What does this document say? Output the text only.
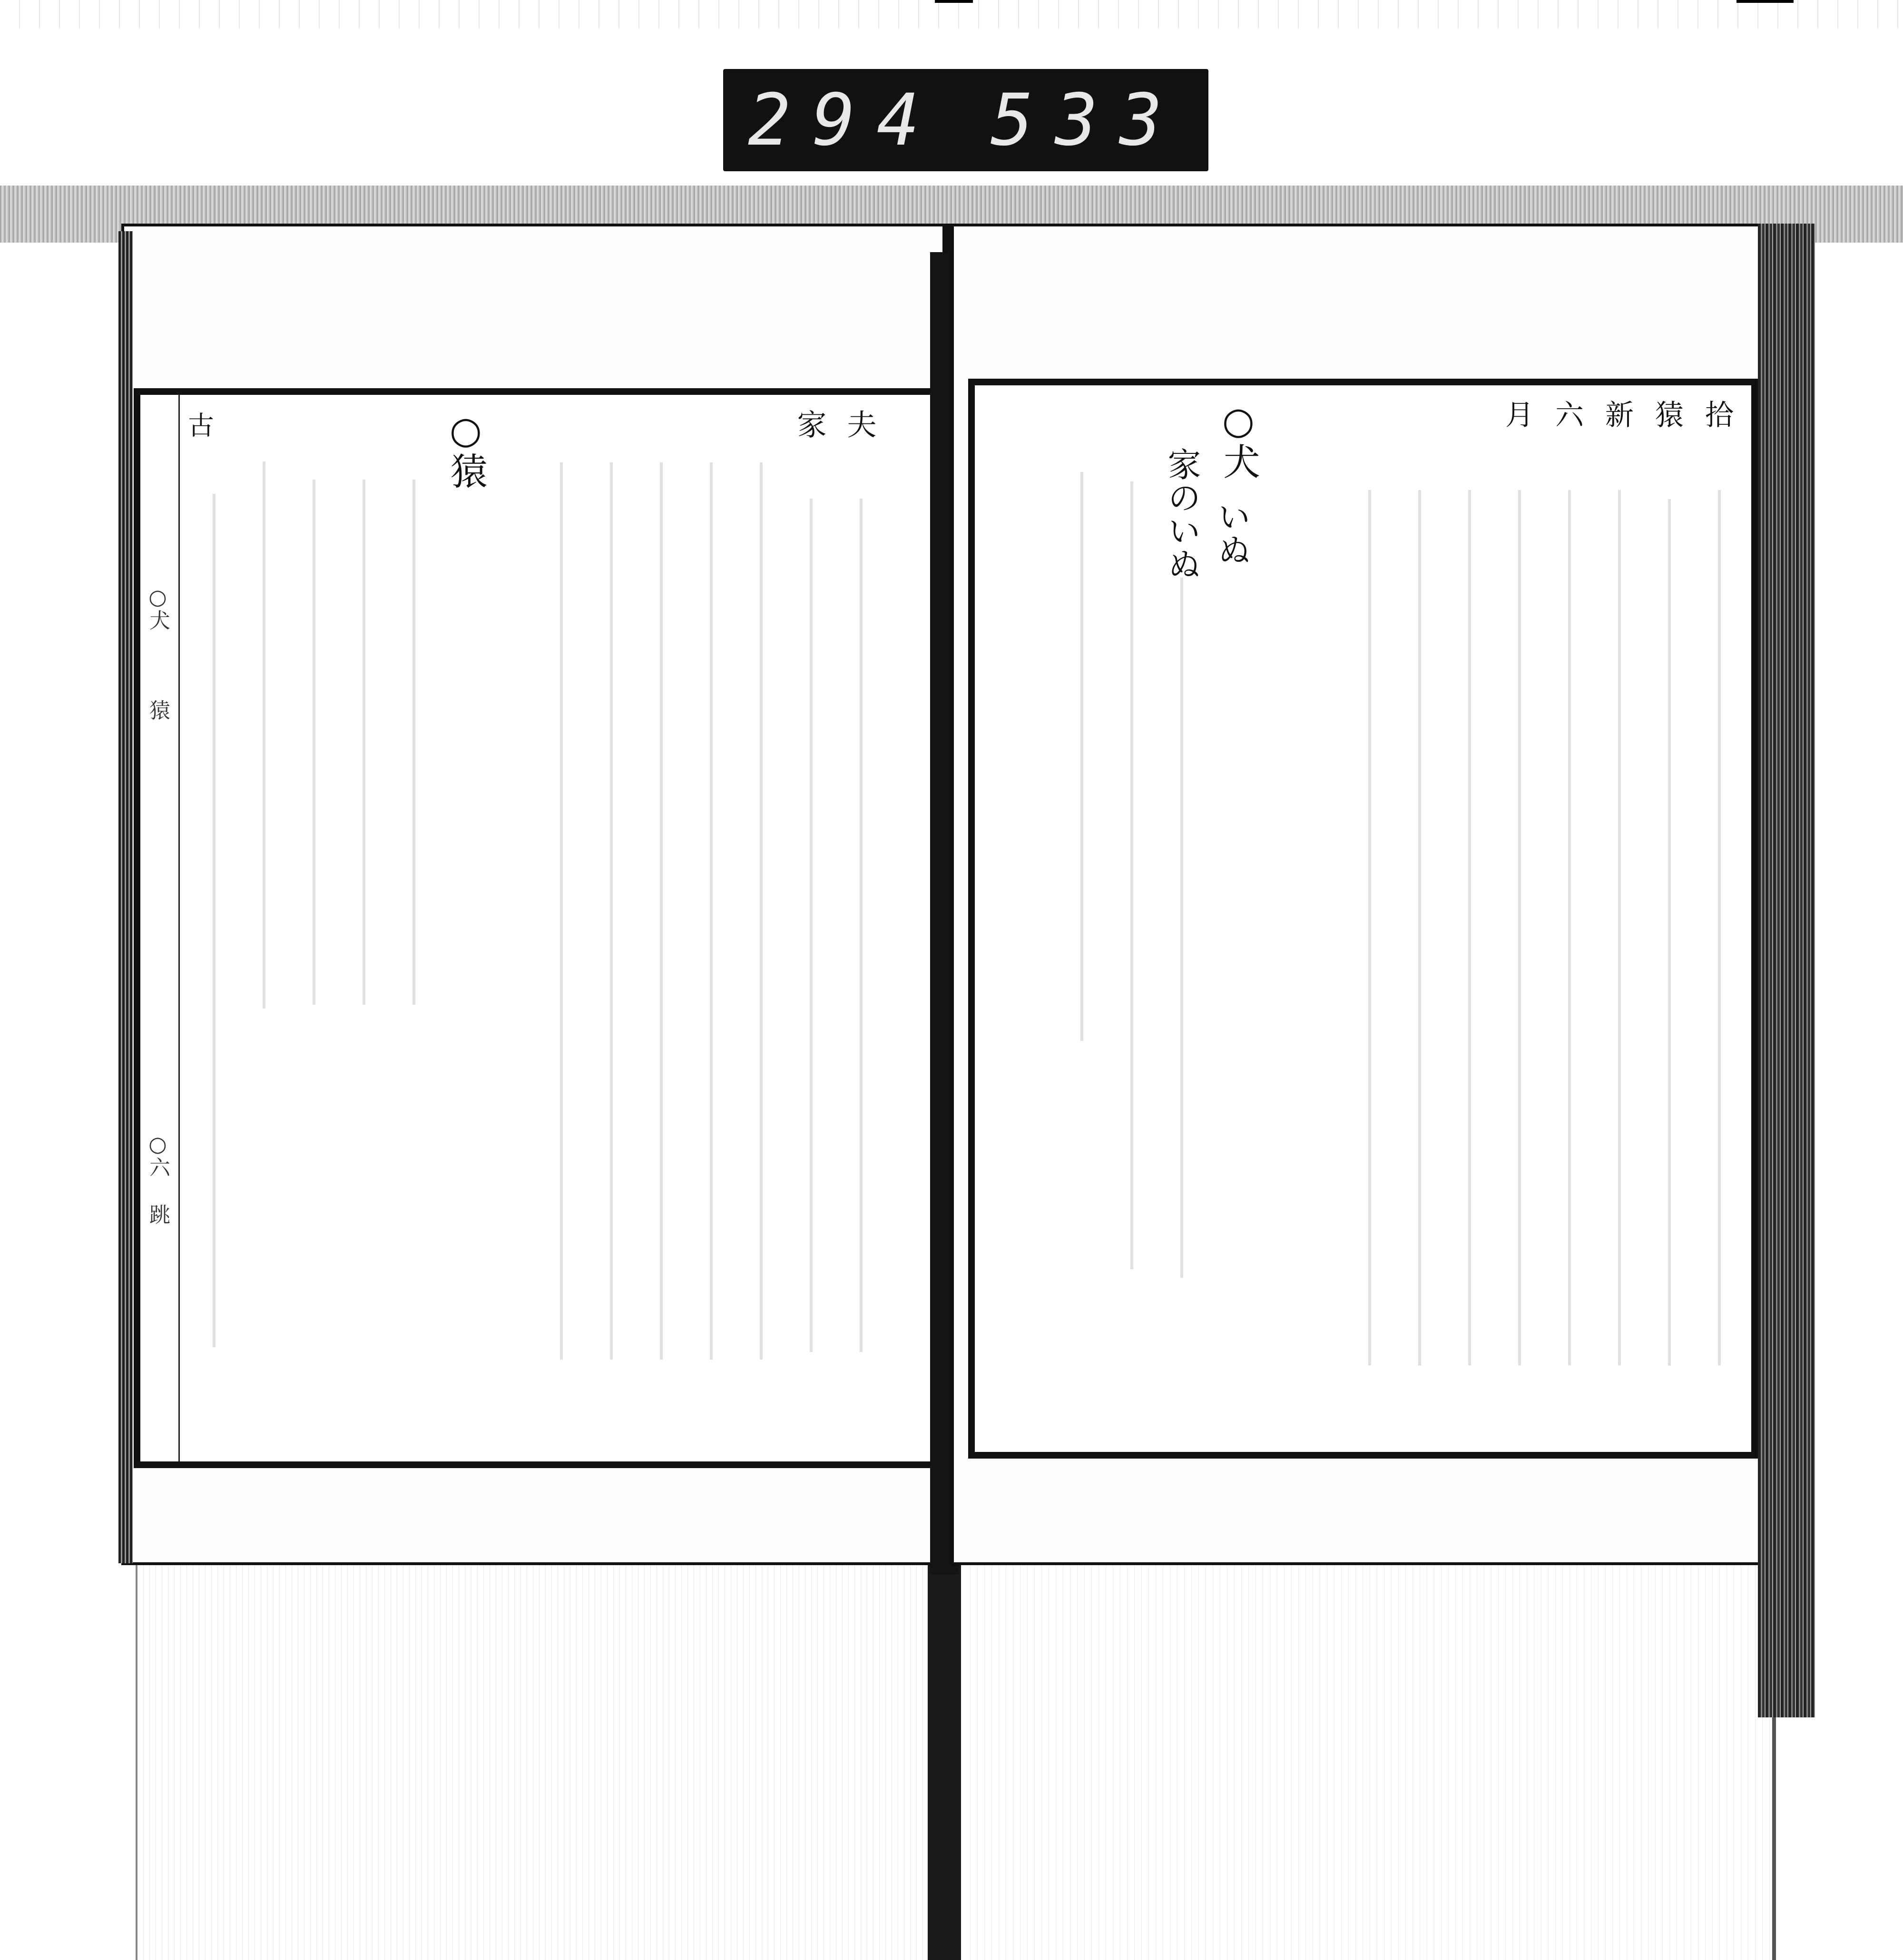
294 533
夫
家
○猿
古
○犬
猿
○六
跳
拾
猿
新
六
月
○犬
いぬ
家のいぬ
